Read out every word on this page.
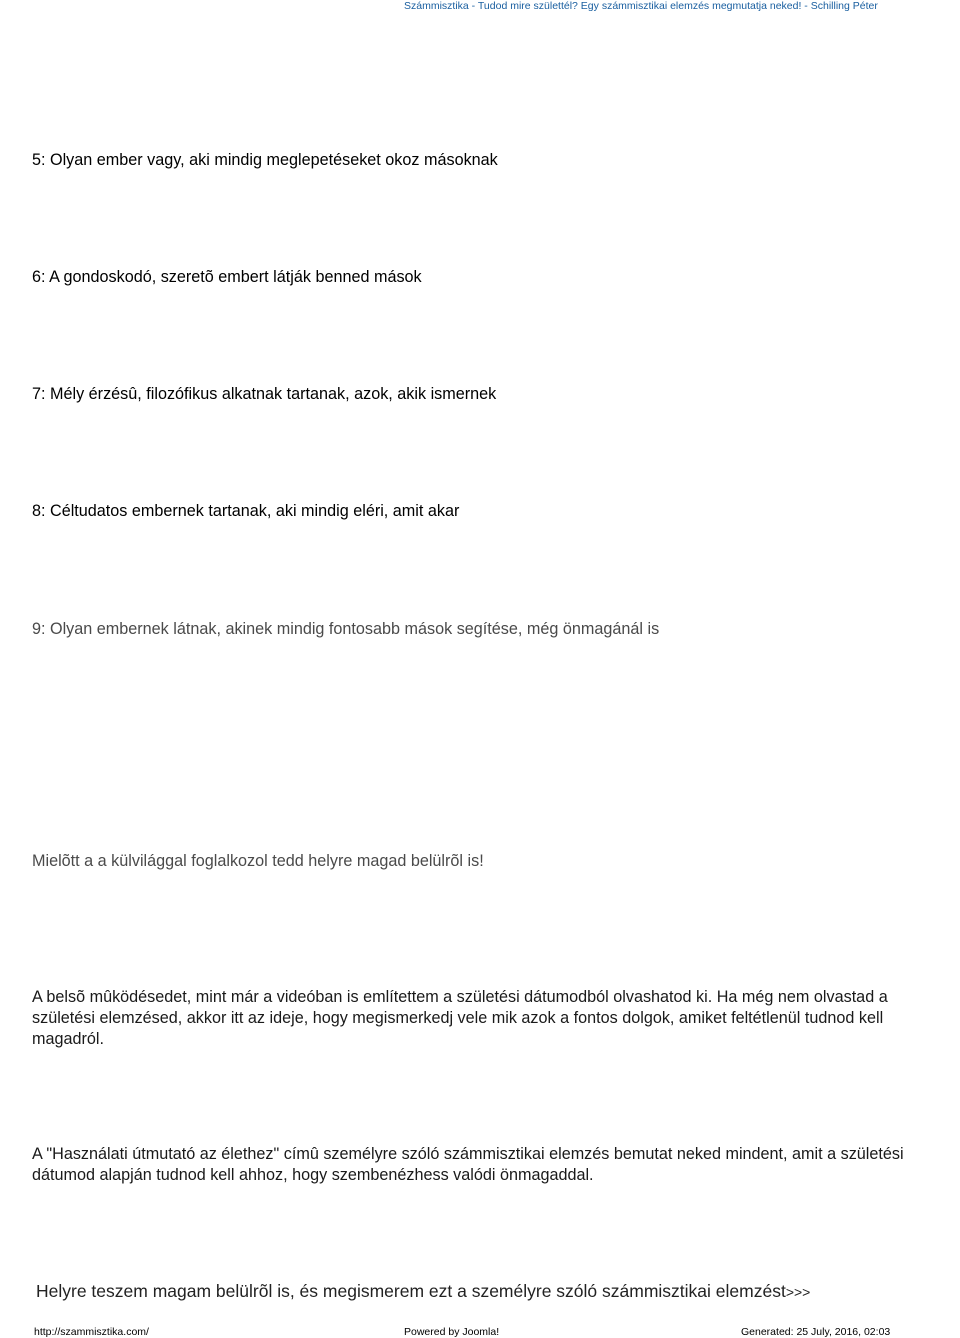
Számmisztika - Tudod mire születtél? Egy számmisztikai elemzés megmutatja neked! - Schilling Péter
5: Olyan ember vagy, aki mindig meglepetéseket okoz másoknak
6: A gondoskodó, szeretõ embert látják benned mások
7: Mély érzésû, filozófikus alkatnak tartanak, azok, akik ismernek
8: Céltudatos embernek tartanak, aki mindig eléri, amit akar
9: Olyan embernek látnak, akinek mindig fontosabb mások segítése, még önmagánál is
Mielõtt a a külvilággal foglalkozol tedd helyre magad belülrõl is!
A belsõ mûködésedet, mint már a videóban is említettem a születési dátumodból olvashatod ki. Ha még nem olvastad a születési elemzésed, akkor itt az ideje, hogy megismerkedj vele mik azok a fontos dolgok, amiket feltétlenül tudnod kell magadról.
A "Használati útmutató az élethez" címû személyre szóló számmisztikai elemzés bemutat neked mindent, amit a születési dátumod alapján tudnod kell ahhoz, hogy szembenézhess valódi önmagaddal.
Helyre teszem magam belülrõl is, és megismerem ezt a személyre szóló számmisztikai elemzést>>>
http://szammisztika.com/	Powered by Joomla!	Generated: 25 July, 2016, 02:03
